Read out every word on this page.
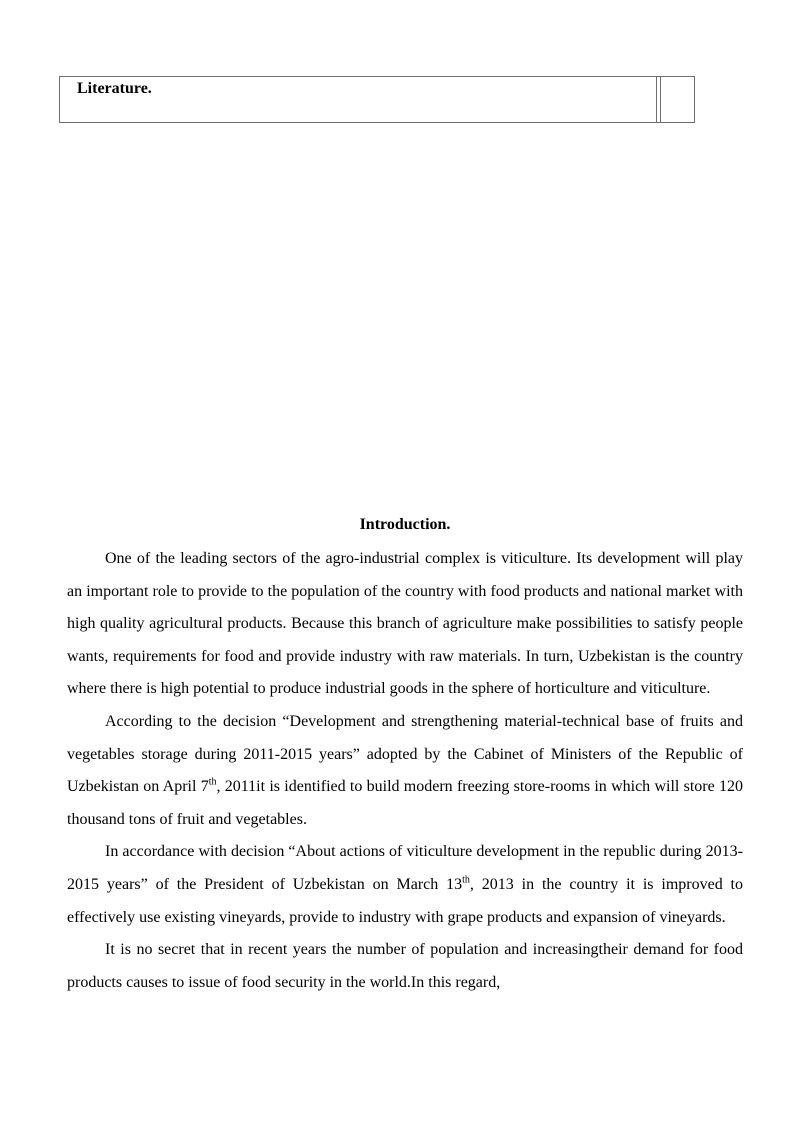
Literature.
Introduction.

One of the leading sectors of the agro-industrial complex is viticulture. Its development will play an important role to provide to the population of the country with food products and national market with high quality agricultural products. Because this branch of agriculture make possibilities to satisfy people wants, requirements for food and provide industry with raw materials. In turn, Uzbekistan is the country where there is high potential to produce industrial goods in the sphere of horticulture and viticulture.

According to the decision “Development and strengthening material-technical base of fruits and vegetables storage during 2011-2015 years” adopted by the Cabinet of Ministers of the Republic of Uzbekistan on April 7th, 2011it is identified to build modern freezing store-rooms in which will store 120 thousand tons of fruit and vegetables.

In accordance with decision “About actions of viticulture development in the republic during 2013-2015 years” of the President of Uzbekistan on March 13th, 2013 in the country it is improved to effectively use existing vineyards, provide to industry with grape products and expansion of vineyards.

It is no secret that in recent years the number of population and increasingtheir demand for food products causes to issue of food security in the world.In this regard,
